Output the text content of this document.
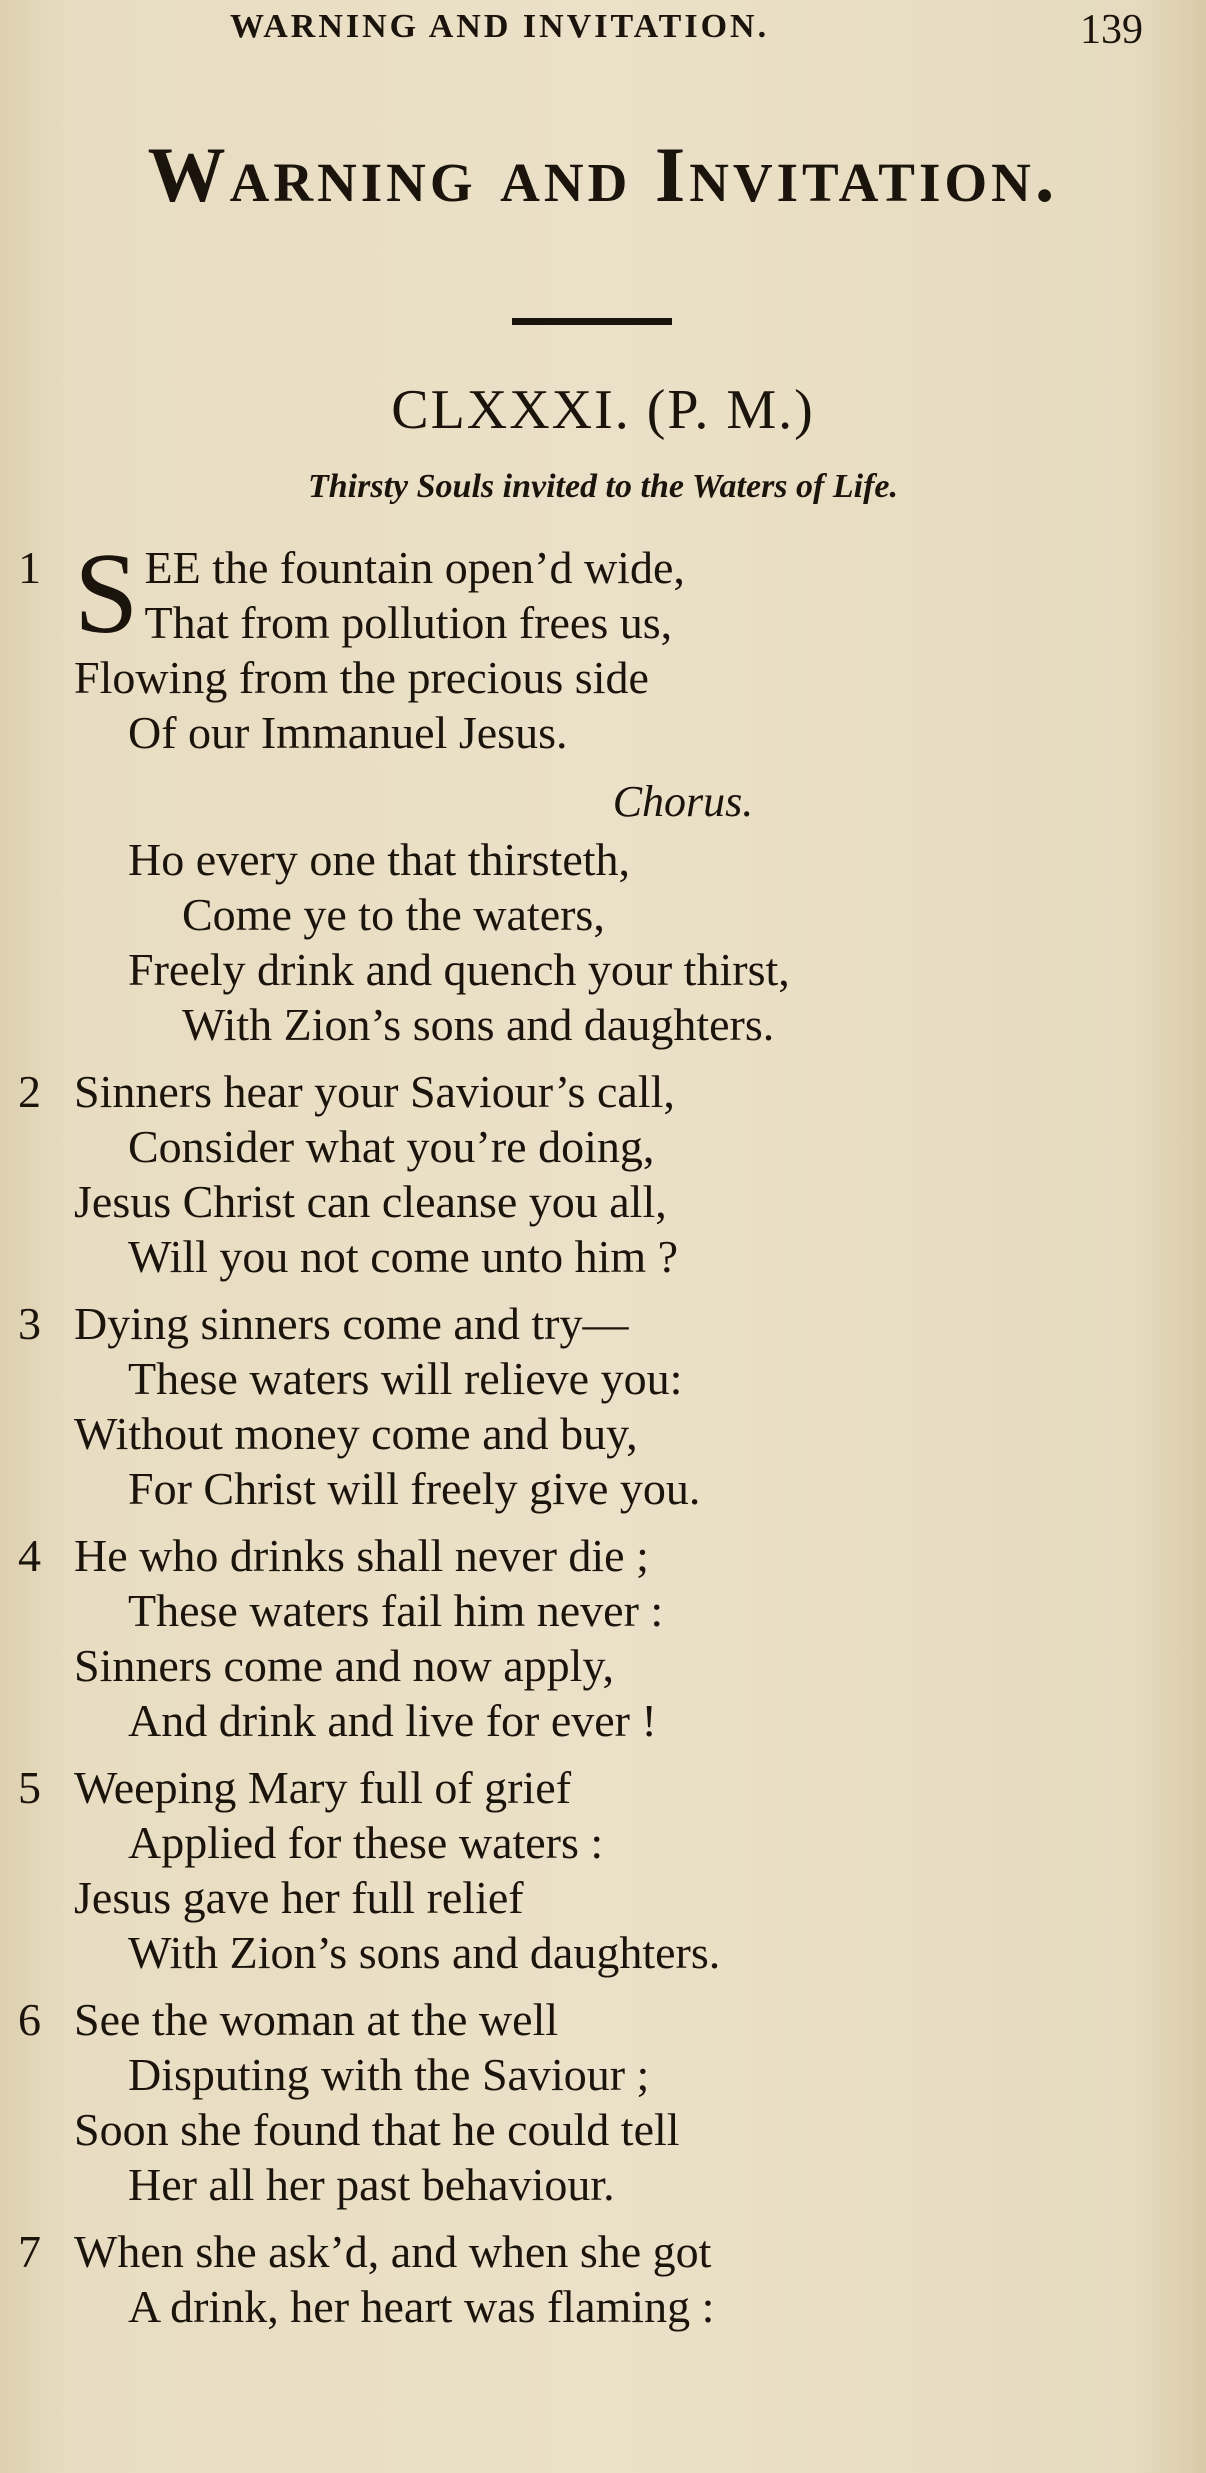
WARNING AND INVITATION.	139
Warning and Invitation.
CLXXXI. (P. M.)
Thirsty Souls invited to the Waters of Life.
1 S EE the fountain open’d wide,
That from pollution frees us,
Flowing from the precious side
Of our Immanuel Jesus.
Chorus.
Ho every one that thirsteth,
Come ye to the waters,
Freely drink and quench your thirst,
With Zion’s sons and daughters.
2 Sinners hear your Saviour’s call,
Consider what you’re doing,
Jesus Christ can cleanse you all,
Will you not come unto him ?
3 Dying sinners come and try—
These waters will relieve you:
Without money come and buy,
For Christ will freely give you.
4 He who drinks shall never die ;
These waters fail him never :
Sinners come and now apply,
And drink and live for ever !
5 Weeping Mary full of grief
Applied for these waters :
Jesus gave her full relief
With Zion’s sons and daughters.
6 See the woman at the well
Disputing with the Saviour ;
Soon she found that he could tell
Her all her past behaviour.
7 When she ask’d, and when she got
A drink, her heart was flaming :
